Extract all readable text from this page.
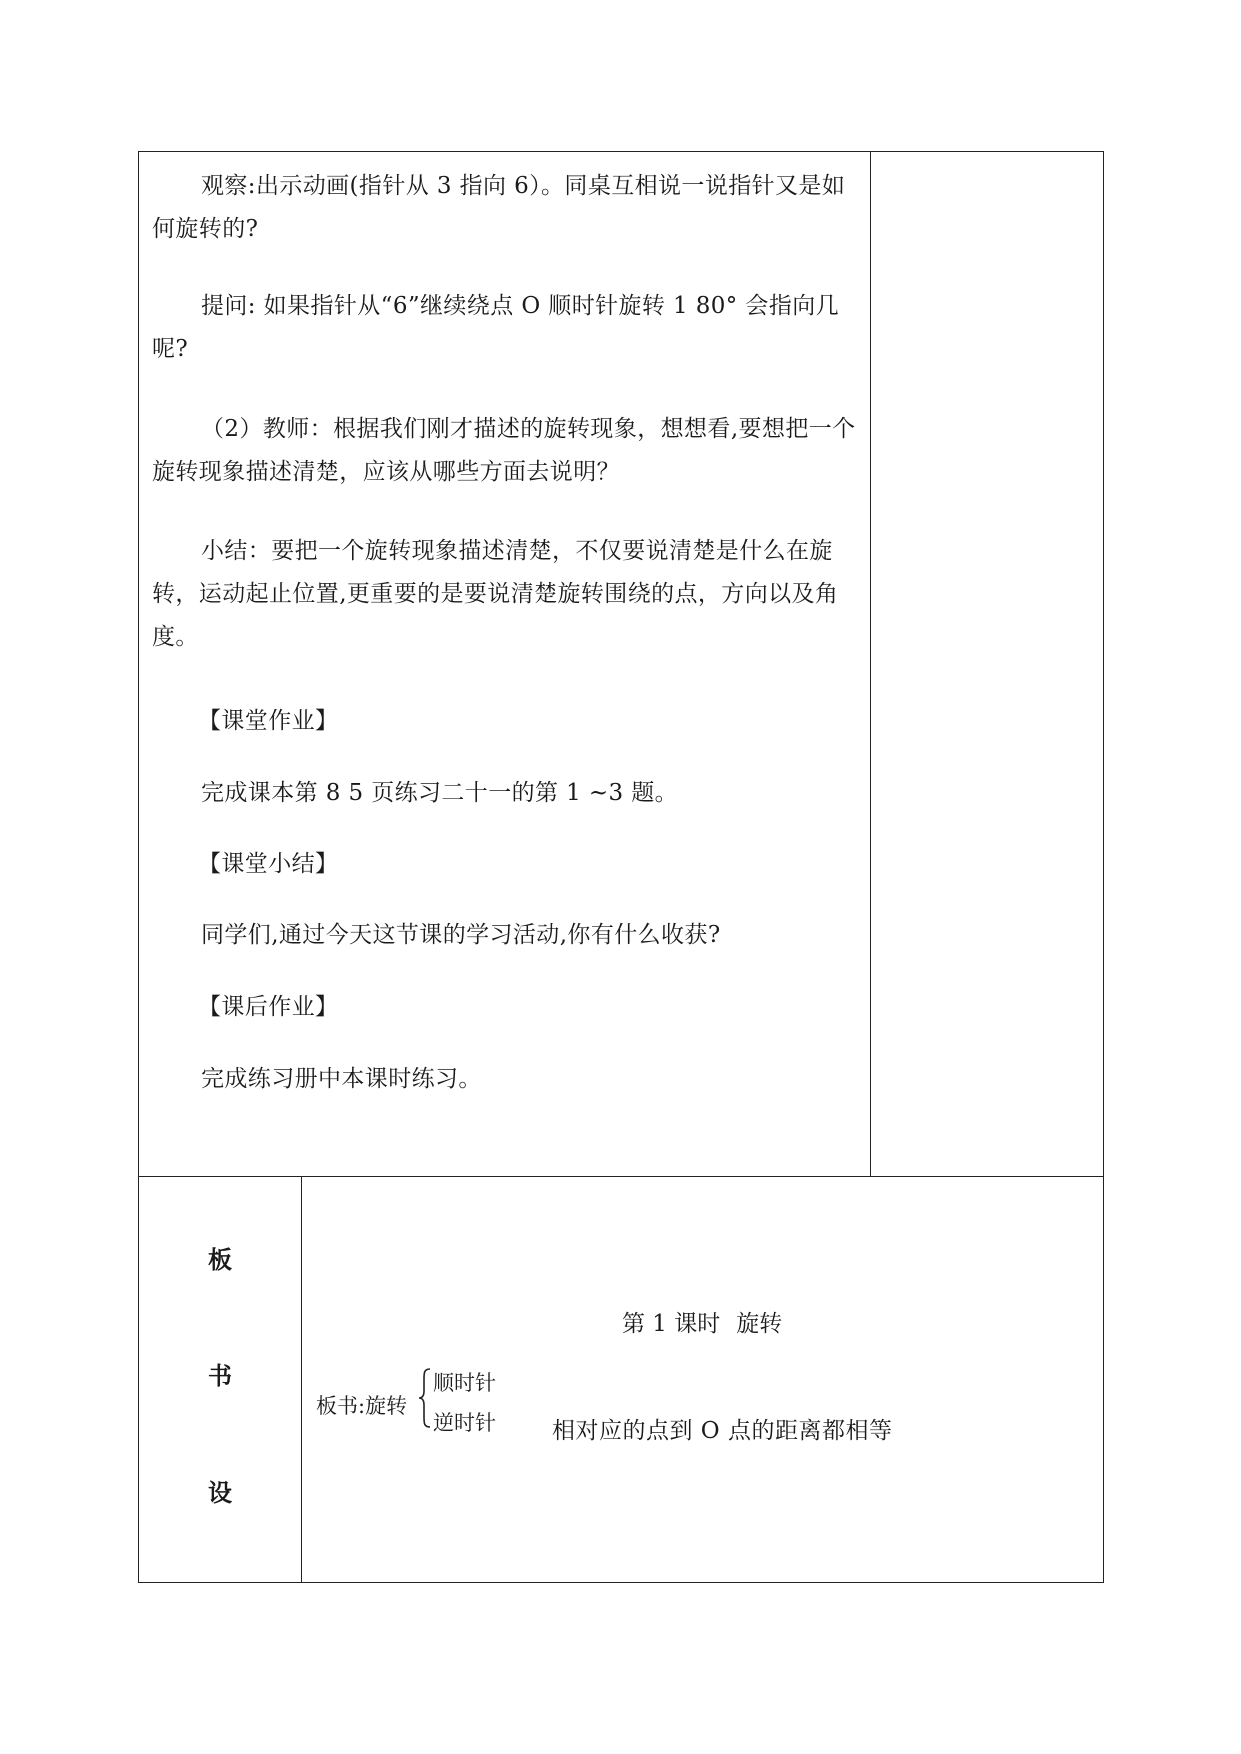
观察:出示动画(指针从 3 指向 6）。同桌互相说一说指针又是如何旋转的?

提问: 如果指针从“6”继续绕点 O 顺时针旋转 1 80° 会指向几呢?

（2）教师：根据我们刚才描述的旋转现象，想想看,要想把一个旋转现象描述清楚，应该从哪些方面去说明？

小结：要把一个旋转现象描述清楚，不仅要说清楚是什么在旋转，运动起止位置,更重要的是要说清楚旋转围绕的点，方向以及角度。

【课堂作业】
完成课本第 8 5 页练习二十一的第 1 ~3 题。
【课堂小结】
同学们,通过今天这节课的学习活动,你有什么收获?
【课后作业】
完成练习册中本课时练习。
板
书
设
第 1 课时 旋转
板书:旋转
顺时针
逆时针 相对应的点到 O 点的距离都相等
